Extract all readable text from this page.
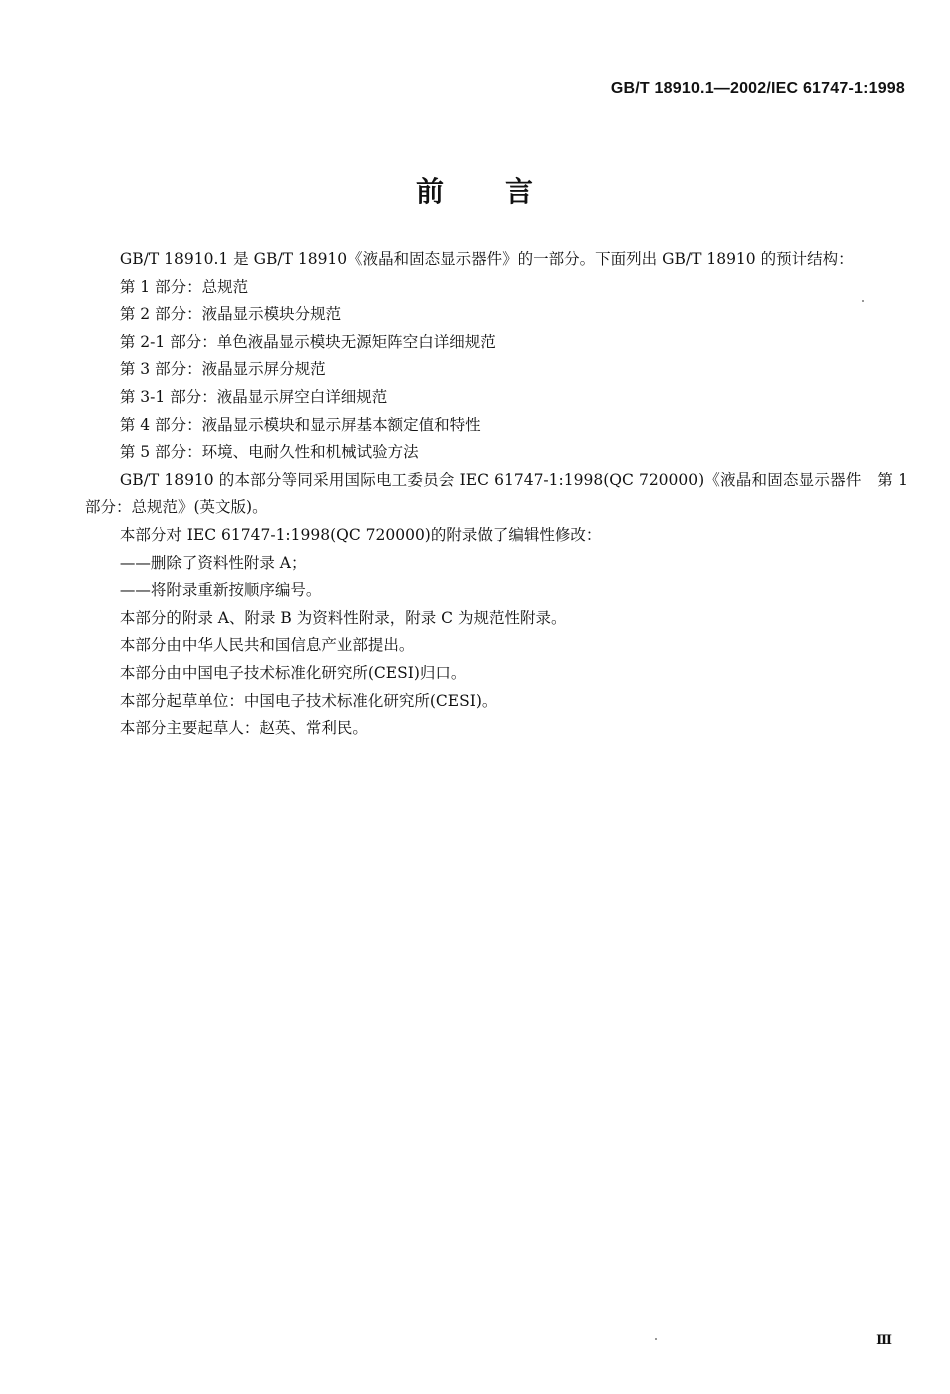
GB/T 18910.1—2002/IEC 61747-1:1998
前 言

GB/T 18910.1 是 GB/T 18910《液晶和固态显示器件》的一部分。下面列出 GB/T 18910 的预计结构：

第 1 部分：总规范

第 2 部分：液晶显示模块分规范

第 2-1 部分：单色液晶显示模块无源矩阵空白详细规范

第 3 部分：液晶显示屏分规范

第 3-1 部分：液晶显示屏空白详细规范

第 4 部分：液晶显示模块和显示屏基本额定值和特性

第 5 部分：环境、电耐久性和机械试验方法

GB/T 18910 的本部分等同采用国际电工委员会 IEC 61747-1:1998(QC 720000)《液晶和固态显示器件　第 1 部分：总规范》(英文版)。

本部分对 IEC 61747-1:1998(QC 720000)的附录做了编辑性修改：

——删除了资料性附录 A；

——将附录重新按顺序编号。

本部分的附录 A、附录 B 为资料性附录，附录 C 为规范性附录。

本部分由中华人民共和国信息产业部提出。

本部分由中国电子技术标准化研究所(CESI)归口。

本部分起草单位：中国电子技术标准化研究所(CESI)。

本部分主要起草人：赵英、常利民。

Ⅲ
